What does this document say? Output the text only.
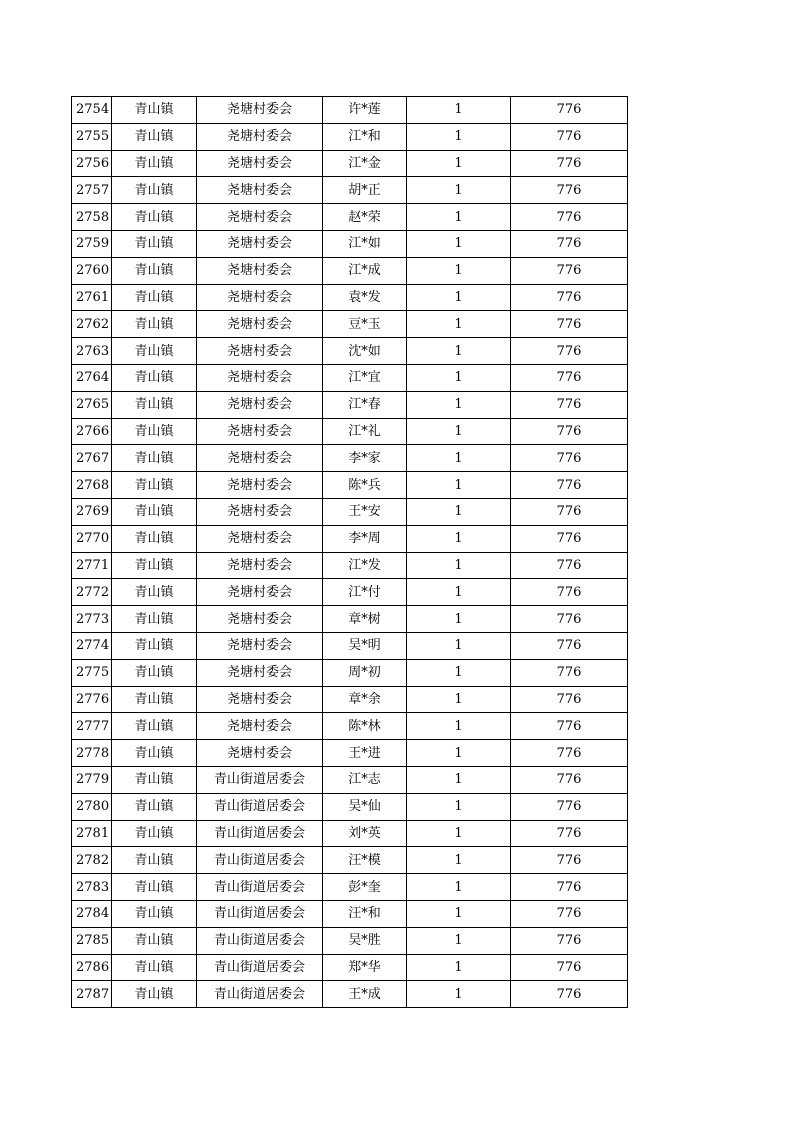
2754	青山镇	尧塘村委会	许*莲	1	776
2755	青山镇	尧塘村委会	江*和	1	776
2756	青山镇	尧塘村委会	江*金	1	776
2757	青山镇	尧塘村委会	胡*正	1	776
2758	青山镇	尧塘村委会	赵*荣	1	776
2759	青山镇	尧塘村委会	江*如	1	776
2760	青山镇	尧塘村委会	江*成	1	776
2761	青山镇	尧塘村委会	袁*发	1	776
2762	青山镇	尧塘村委会	豆*玉	1	776
2763	青山镇	尧塘村委会	沈*如	1	776
2764	青山镇	尧塘村委会	江*宜	1	776
2765	青山镇	尧塘村委会	江*春	1	776
2766	青山镇	尧塘村委会	江*礼	1	776
2767	青山镇	尧塘村委会	李*家	1	776
2768	青山镇	尧塘村委会	陈*兵	1	776
2769	青山镇	尧塘村委会	王*安	1	776
2770	青山镇	尧塘村委会	李*周	1	776
2771	青山镇	尧塘村委会	江*发	1	776
2772	青山镇	尧塘村委会	江*付	1	776
2773	青山镇	尧塘村委会	章*树	1	776
2774	青山镇	尧塘村委会	吴*明	1	776
2775	青山镇	尧塘村委会	周*初	1	776
2776	青山镇	尧塘村委会	章*余	1	776
2777	青山镇	尧塘村委会	陈*林	1	776
2778	青山镇	尧塘村委会	王*进	1	776
2779	青山镇	青山街道居委会	江*志	1	776
2780	青山镇	青山街道居委会	吴*仙	1	776
2781	青山镇	青山街道居委会	刘*英	1	776
2782	青山镇	青山街道居委会	汪*模	1	776
2783	青山镇	青山街道居委会	彭*奎	1	776
2784	青山镇	青山街道居委会	汪*和	1	776
2785	青山镇	青山街道居委会	吴*胜	1	776
2786	青山镇	青山街道居委会	郑*华	1	776
2787	青山镇	青山街道居委会	王*成	1	776
